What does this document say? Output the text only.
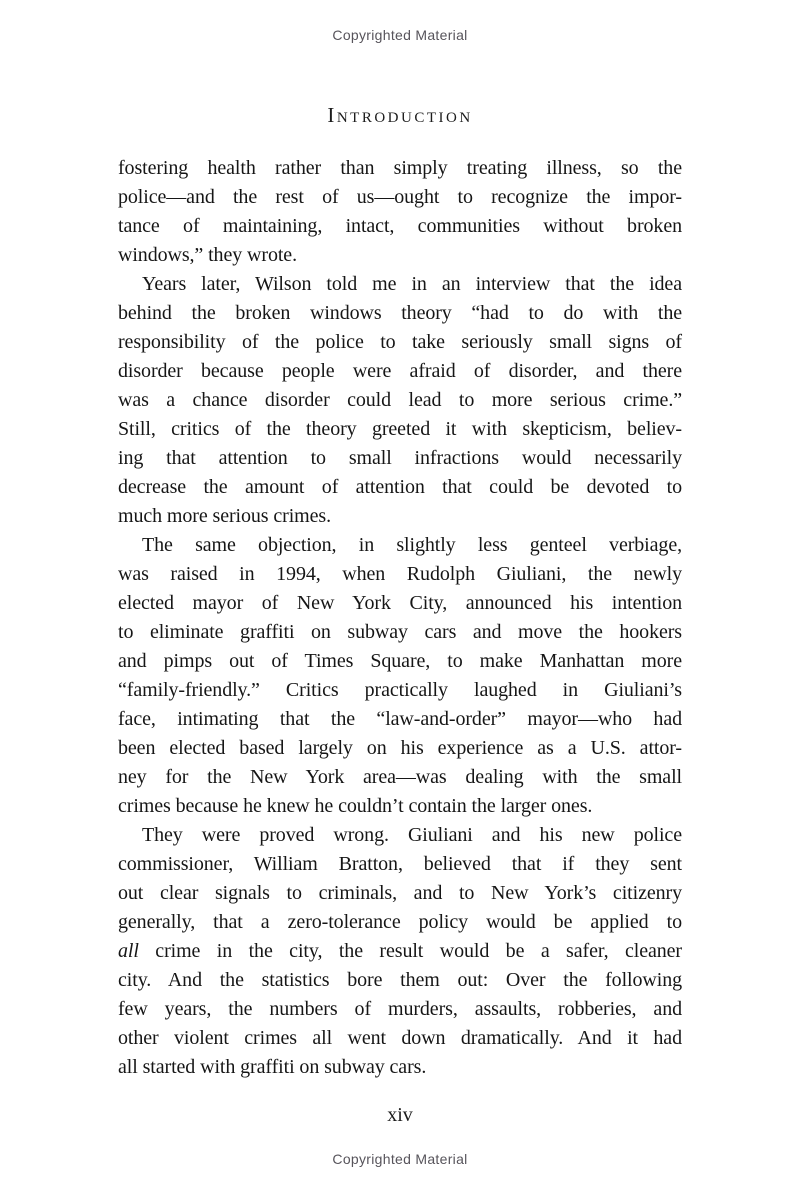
Copyrighted Material
Introduction
fostering health rather than simply treating illness, so the
police—and the rest of us—ought to recognize the impor-
tance of maintaining, intact, communities without broken
windows,” they wrote.
Years later, Wilson told me in an interview that the idea
behind the broken windows theory “had to do with the
responsibility of the police to take seriously small signs of
disorder because people were afraid of disorder, and there
was a chance disorder could lead to more serious crime.”
Still, critics of the theory greeted it with skepticism, believ-
ing that attention to small infractions would necessarily
decrease the amount of attention that could be devoted to
much more serious crimes.
The same objection, in slightly less genteel verbiage,
was raised in 1994, when Rudolph Giuliani, the newly
elected mayor of New York City, announced his intention
to eliminate graffiti on subway cars and move the hookers
and pimps out of Times Square, to make Manhattan more
“family-friendly.” Critics practically laughed in Giuliani’s
face, intimating that the “law-and-order” mayor—who had
been elected based largely on his experience as a U.S. attor-
ney for the New York area—was dealing with the small
crimes because he knew he couldn’t contain the larger ones.
They were proved wrong. Giuliani and his new police
commissioner, William Bratton, believed that if they sent
out clear signals to criminals, and to New York’s citizenry
generally, that a zero-tolerance policy would be applied to
all crime in the city, the result would be a safer, cleaner
city. And the statistics bore them out: Over the following
few years, the numbers of murders, assaults, robberies, and
other violent crimes all went down dramatically. And it had
all started with graffiti on subway cars.
xiv
Copyrighted Material
